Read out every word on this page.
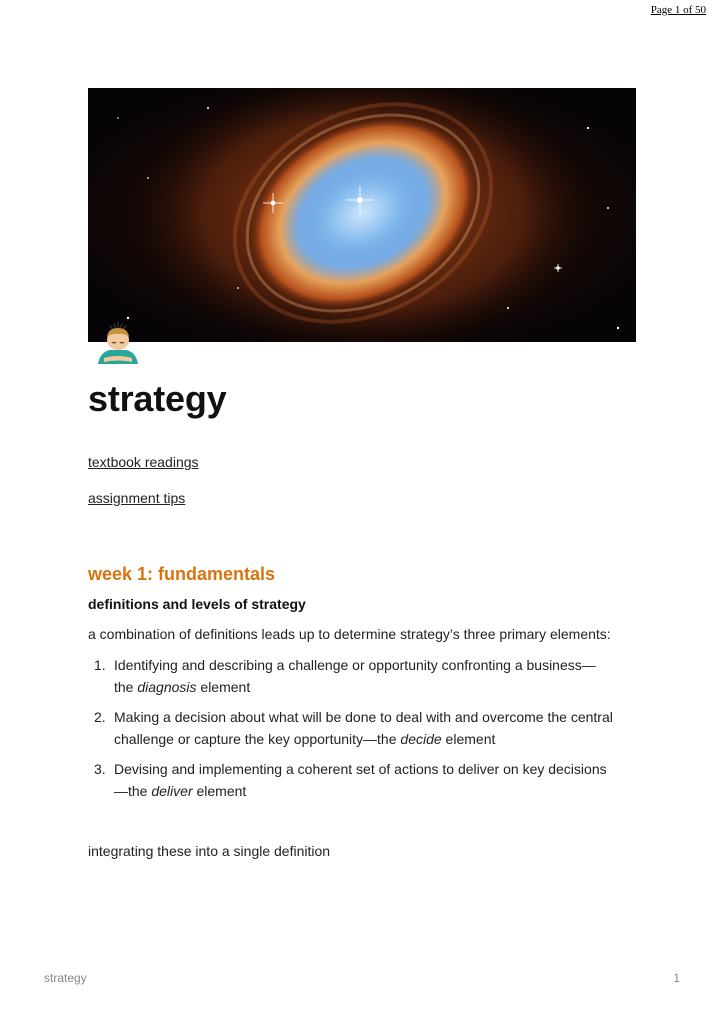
Page 1 of 50
strategy
textbook readings
assignment tips
week 1: fundamentals
definitions and levels of strategy

a combination of definitions leads up to determine strategy’s three primary elements:

1. Identifying and describing a challenge or opportunity confronting a business—
the diagnosis element
2. Making a decision about what will be done to deal with and overcome the central
challenge or capture the key opportunity—the decide element
3. Devising and implementing a coherent set of actions to deliver on key decisions
—the deliver element

integrating these into a single definition

strategy	1
